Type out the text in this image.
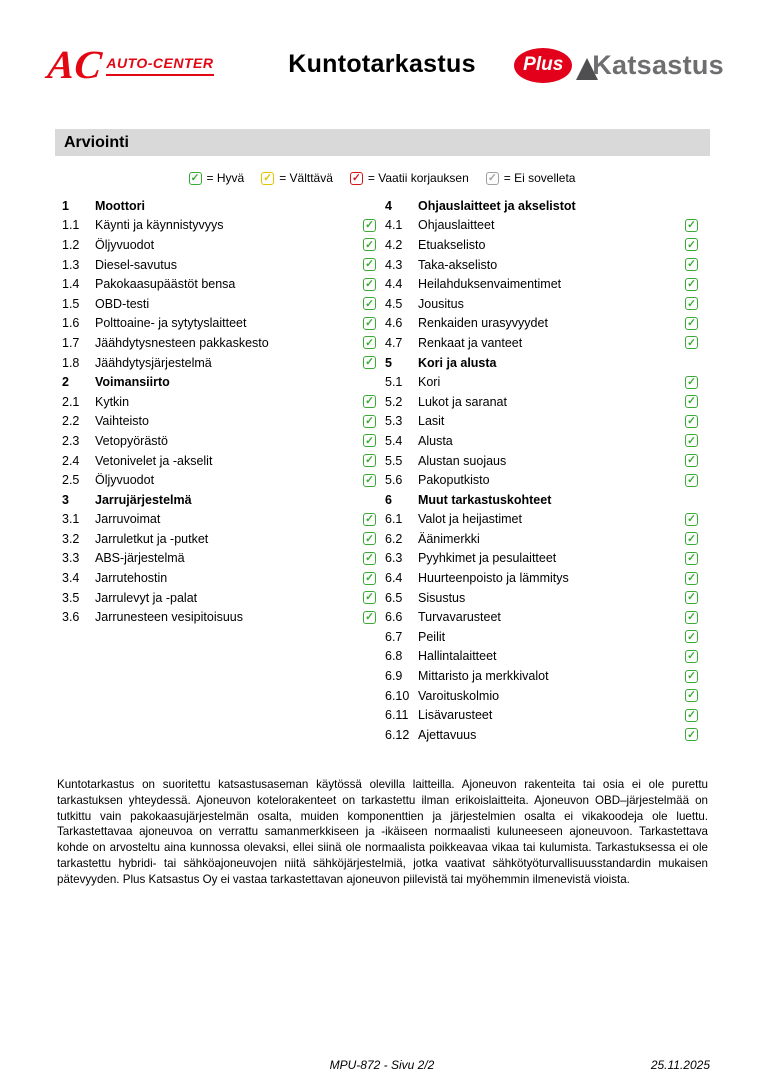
AC AUTO-CENTER	Plus Katsastus
Kuntotarkastus
Arviointi
✓ = Hyvä ✓ = Välttävä ✓ = Vaatii korjauksen ✓ = Ei sovelleta
1	Moottori
1.1	Käynti ja käynnistyvyys	✓
1.2	Öljyvuodot	✓
1.3	Diesel-savutus	✓
1.4	Pakokaasupäästöt bensa	✓
1.5	OBD-testi	✓
1.6	Polttoaine- ja sytytyslaitteet	✓
1.7	Jäähdytysnesteen pakkaskesto	✓
1.8	Jäähdytysjärjestelmä	✓
2	Voimansiirto
2.1	Kytkin	✓
2.2	Vaihteisto	✓
2.3	Vetopyörästö	✓
2.4	Vetonivelet ja -akselit	✓
2.5	Öljyvuodot	✓
3	Jarrujärjestelmä
3.1	Jarruvoimat	✓
3.2	Jarruletkut ja -putket	✓
3.3	ABS-järjestelmä	✓
3.4	Jarrutehostin	✓
3.5	Jarrulevyt ja -palat	✓
3.6	Jarrunesteen vesipitoisuus	✓
4	Ohjauslaitteet ja akselistot
4.1	Ohjauslaitteet	✓
4.2	Etuakselisto	✓
4.3	Taka-akselisto	✓
4.4	Heilahduksenvaimentimet	✓
4.5	Jousitus	✓
4.6	Renkaiden urasyvyydet	✓
4.7	Renkaat ja vanteet	✓
5	Kori ja alusta
5.1	Kori	✓
5.2	Lukot ja saranat	✓
5.3	Lasit	✓
5.4	Alusta	✓
5.5	Alustan suojaus	✓
5.6	Pakoputkisto	✓
6	Muut tarkastuskohteet
6.1	Valot ja heijastimet	✓
6.2	Äänimerkki	✓
6.3	Pyyhkimet ja pesulaitteet	✓
6.4	Huurteenpoisto ja lämmitys	✓
6.5	Sisustus	✓
6.6	Turvavarusteet	✓
6.7	Peilit	✓
6.8	Hallintalaitteet	✓
6.9	Mittaristo ja merkkivalot	✓
6.10 Varoituskolmio	✓
6.11 Lisävarusteet	✓
6.12 Ajettavuus	✓
Kuntotarkastus on suoritettu katsastusaseman käytössä olevilla laitteilla. Ajoneuvon rakenteita tai osia ei ole purettu tarkastuksen yhteydessä. Ajoneuvon kotelorakenteet on tarkastettu ilman erikoislaitteita. Ajoneuvon OBD–järjestelmää on tutkittu vain pakokaasujärjestelmän osalta, muiden komponenttien ja järjestelmien osalta ei vikakoodeja ole luettu. Tarkastettavaa ajoneuvoa on verrattu samanmerkkiseen ja -ikäiseen normaalisti kuluneeseen ajoneuvoon. Tarkastettava kohde on arvosteltu aina kunnossa olevaksi, ellei siinä ole normaalista poikkeavaa vikaa tai kulumista. Tarkastuksessa ei ole tarkastettu hybridi- tai sähköajoneuvojen niitä sähköjärjestelmiä, jotka vaativat sähkötyöturvallisuusstandardin mukaisen pätevyyden. Plus Katsastus Oy ei vastaa tarkastettavan ajoneuvon piilevistä tai myöhemmin ilmenevistä vioista.
MPU-872 - Sivu 2/2	25.11.2025
